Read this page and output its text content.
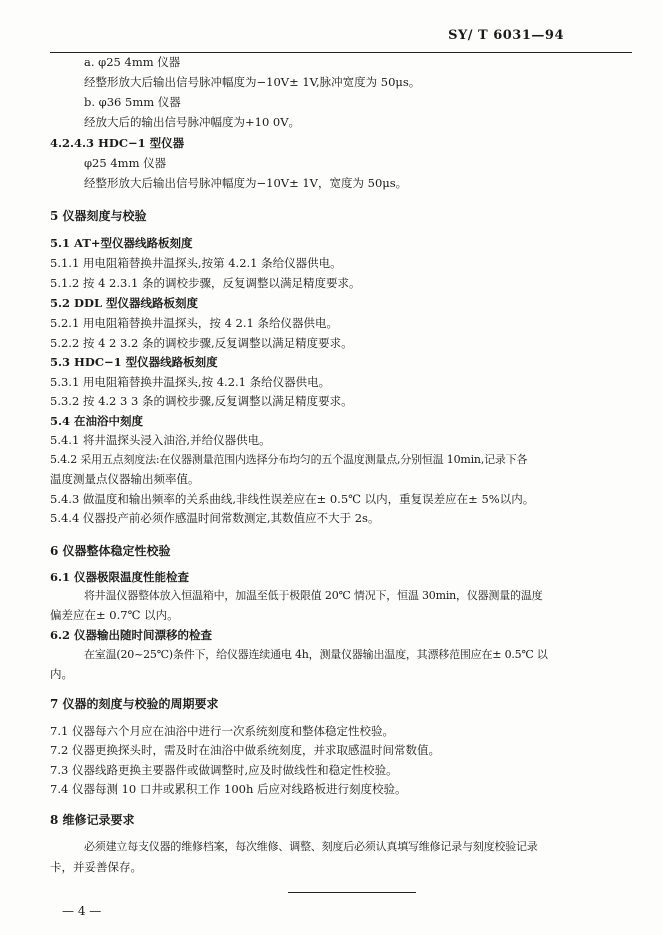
SY/ T 6031—94
a. φ25 4mm 仪器
经整形放大后输出信号脉冲幅度为−10V± 1V,脉冲宽度为 50μs。
b. φ36 5mm 仪器
经放大后的输出信号脉冲幅度为+10 0V。
4.2.4.3 HDC−1 型仪器
φ25 4mm 仪器
经整形放大后输出信号脉冲幅度为−10V± 1V，宽度为 50μs。
5 仪器刻度与校验
5.1 AT+型仪器线路板刻度
5.1.1 用电阻箱替换井温探头,按第 4.2.1 条给仪器供电。
5.1.2 按 4 2.3.1 条的调校步骤，反复调整以满足精度要求。
5.2 DDL 型仪器线路板刻度
5.2.1 用电阻箱替换井温探头，按 4 2.1 条给仪器供电。
5.2.2 按 4 2 3.2 条的调校步骤,反复调整以满足精度要求。
5.3 HDC−1 型仪器线路板刻度
5.3.1 用电阻箱替换井温探头,按 4.2.1 条给仪器供电。
5.3.2 按 4.2 3 3 条的调校步骤,反复调整以满足精度要求。
5.4 在油浴中刻度
5.4.1 将井温探头浸入油浴,并给仪器供电。
5.4.2 采用五点刻度法:在仪器测量范围内选择分布均匀的五个温度测量点,分别恒温 10min,记录下各
温度测量点仪器输出频率值。
5.4.3 做温度和输出频率的关系曲线,非线性误差应在± 0.5℃ 以内，重复误差应在± 5%以内。
5.4.4 仪器投产前必须作感温时间常数测定,其数值应不大于 2s。
6 仪器整体稳定性校验
6.1 仪器极限温度性能检查
将井温仪器整体放入恒温箱中，加温至低于极限值 20℃ 情况下，恒温 30min，仪器测量的温度
偏差应在± 0.7℃ 以内。
6.2 仪器输出随时间漂移的检查
在室温(20~25℃)条件下，给仪器连续通电 4h，测量仪器输出温度，其漂移范围应在± 0.5℃ 以
内。
7 仪器的刻度与校验的周期要求
7.1 仪器每六个月应在油浴中进行一次系统刻度和整体稳定性校验。
7.2 仪器更换探头时，需及时在油浴中做系统刻度，并求取感温时间常数值。
7.3 仪器线路更换主要器件或做调整时,应及时做线性和稳定性校验。
7.4 仪器每测 10 口井或累积工作 100h 后应对线路板进行刻度校验。
8 维修记录要求
必须建立每支仪器的维修档案，每次维修、调整、刻度后必须认真填写维修记录与刻度校验记录
卡，并妥善保存。
— 4 —
